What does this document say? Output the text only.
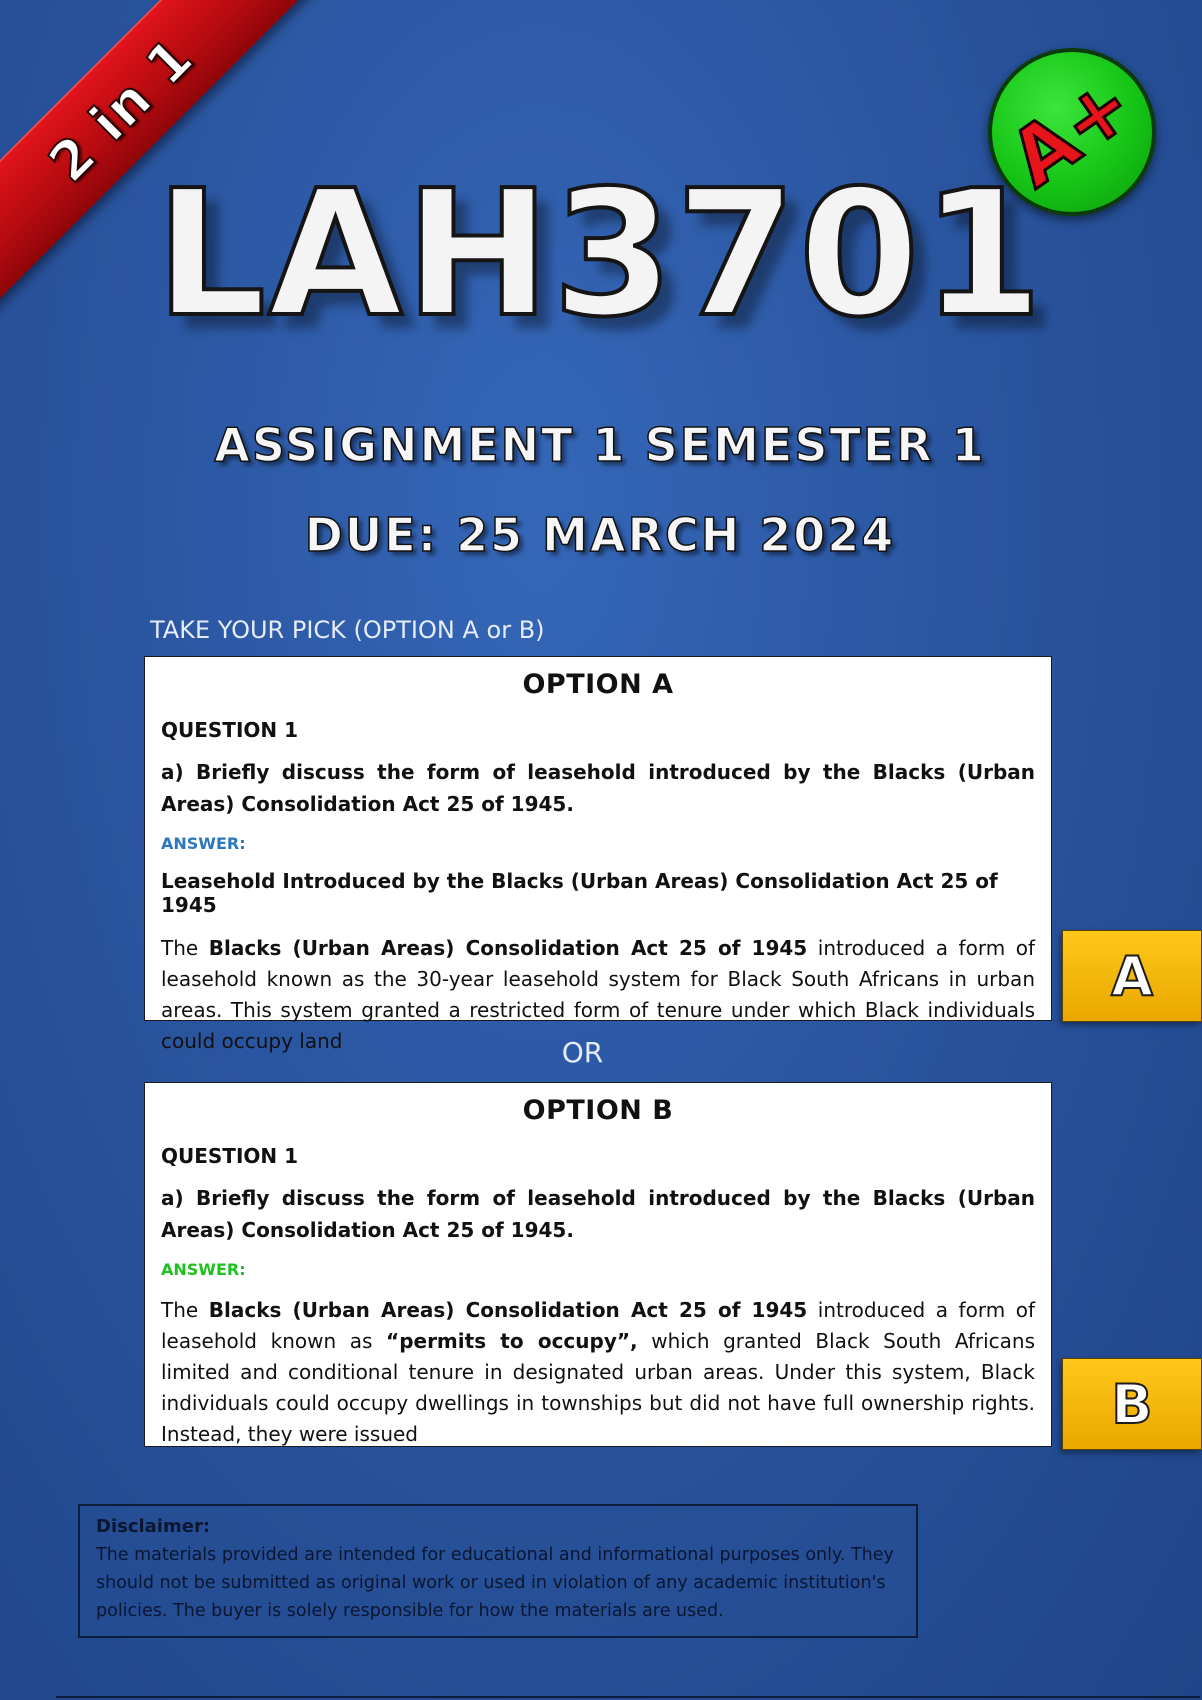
2 in 1	A+
LAH3701
ASSIGNMENT 1 SEMESTER 1
DUE: 25 MARCH 2024
TAKE YOUR PICK (OPTION A or B)
OPTION A
QUESTION 1
a) Briefly discuss the form of leasehold introduced by the Blacks (Urban Areas) Consolidation Act 25 of 1945.
ANSWER:
Leasehold Introduced by the Blacks (Urban Areas) Consolidation Act 25 of 1945

The Blacks (Urban Areas) Consolidation Act 25 of 1945 introduced a form of leasehold known as the 30-year leasehold system for Black South Africans in urban areas. This system granted a restricted form of tenure under which Black individuals could occupy land

A
OR
OPTION B
QUESTION 1
a) Briefly discuss the form of leasehold introduced by the Blacks (Urban Areas) Consolidation Act 25 of 1945.
ANSWER:

The Blacks (Urban Areas) Consolidation Act 25 of 1945 introduced a form of leasehold known as “permits to occupy”, which granted Black South Africans limited and conditional tenure in designated urban areas. Under this system, Black individuals could occupy dwellings in townships but did not have full ownership rights. Instead, they were issued	B
Disclaimer:
The materials provided are intended for educational and informational purposes only. They should not be submitted as original work or used in violation of any academic institution's policies. The buyer is solely responsible for how the materials are used.
